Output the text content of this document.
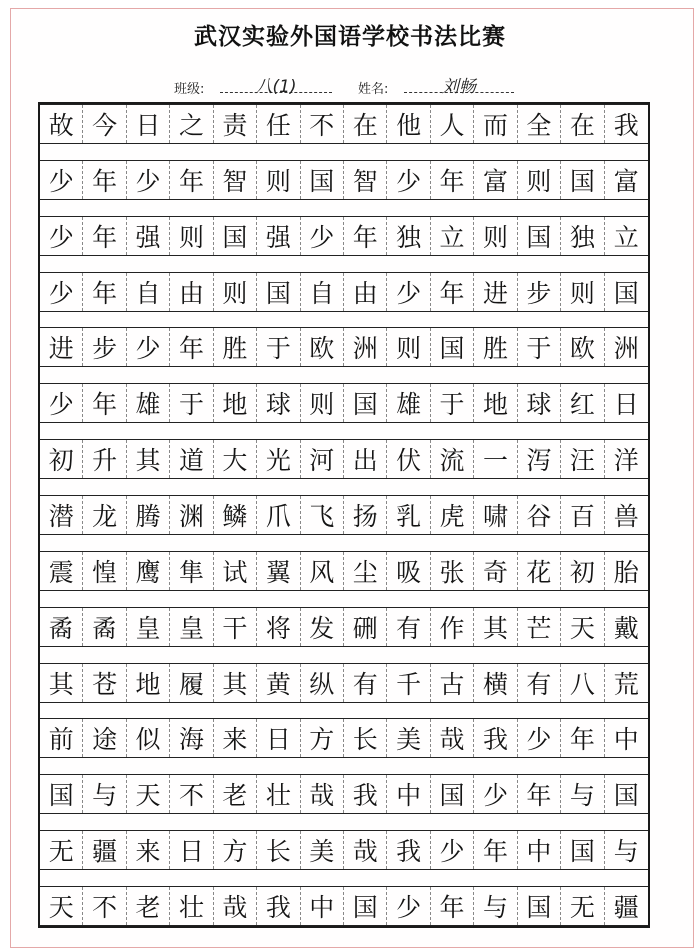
武汉实验外国语学校书法比赛
班级:	八(1)	姓名:	刘畅
故 今 日 之 责 任 不 在 他 人 而 全 在 我
少 年 少 年 智 则 国 智 少 年 富 则 国 富
少 年 强 则 国 强 少 年 独 立 则 国 独 立
少 年 自 由 则 国 自 由 少 年 进 步 则 国
进 步 少 年 胜 于 欧 洲 则 国 胜 于 欧 洲
少 年 雄 于 地 球 则 国 雄 于 地 球 红 日
初 升 其 道 大 光 河 出 伏 流 一 泻 汪 洋
潜 龙 腾 渊 鳞 爪 飞 扬 乳 虎 啸 谷 百 兽
震 惶 鹰 隼 试 翼 风 尘 吸 张 奇 花 初 胎
矞 矞 皇 皇 干 将 发 硎 有 作 其 芒 天 戴
其 苍 地 履 其 黄 纵 有 千 古 横 有 八 荒
前 途 似 海 来 日 方 长 美 哉 我 少 年 中
国 与 天 不 老 壮 哉 我 中 国 少 年 与 国
无 疆 来 日 方 长 美 哉 我 少 年 中 国 与
天 不 老 壮 哉 我 中 国 少 年 与 国 无 疆
